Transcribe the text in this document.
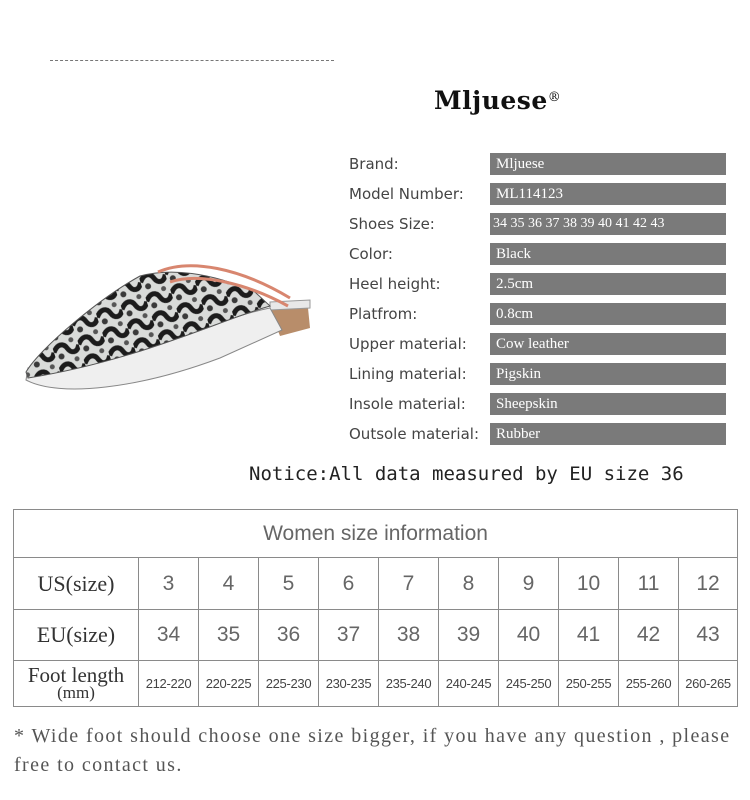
Mljuese®
Brand:	Mljuese
Model Number:	ML114123
Shoes Size:	34 35 36 37 38 39 40 41 42 43
Color:	Black
Heel height:	2.5cm
Platfrom:	0.8cm
Upper material:	Cow leather
Lining material:	Pigskin
Insole material:	Sheepskin
Outsole material:	Rubber
Notice:All data measured by EU size 36
Women size information										
US(size)	3	4	5	6	7	8	9	10	11	12
EU(size)	34	35	36	37	38	39	40	41	42	43

Foot length
(mm)	212-220	220-225	225-230	230-235	235-240	240-245	245-250	250-255	255-260	260-265
* Wide foot should choose one size bigger, if you have any question , please free to contact us.
